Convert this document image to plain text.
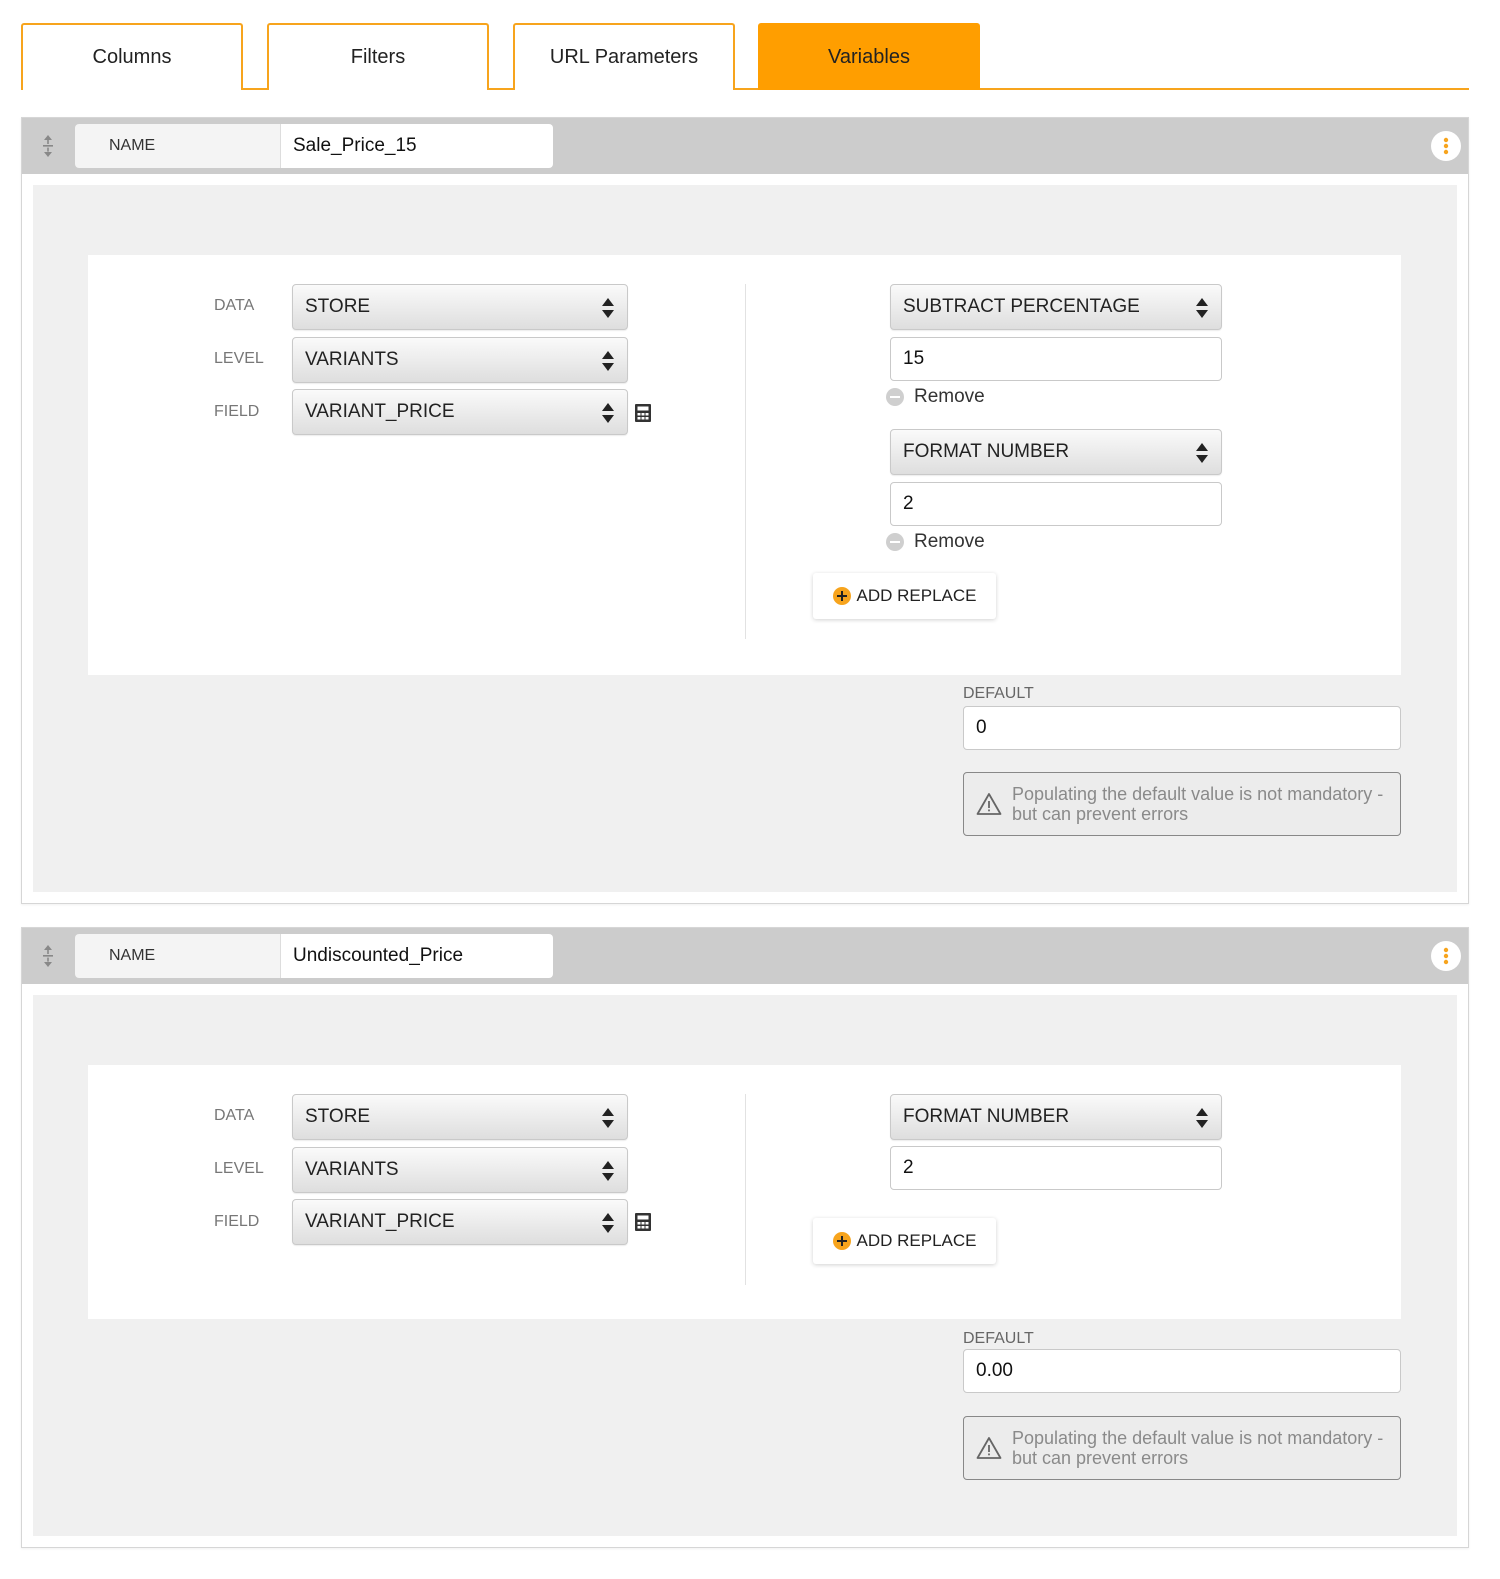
Columns	Filters	URL Parameters	Variables
NAME
Sale_Price_15
DATA	STORE
LEVEL VARIANTS
FIELD VARIANT_PRICE
SUBTRACT PERCENTAGE
15
Remove
FORMAT NUMBER
2
Remove
ADD REPLACE
DEFAULT
0
Populating the default value is not mandatory - but can prevent errors
NAME
Undiscounted_Price
DATA	STORE
LEVEL VARIANTS
FIELD VARIANT_PRICE
FORMAT NUMBER
2
ADD REPLACE
DEFAULT
0.00
Populating the default value is not mandatory - but can prevent errors
